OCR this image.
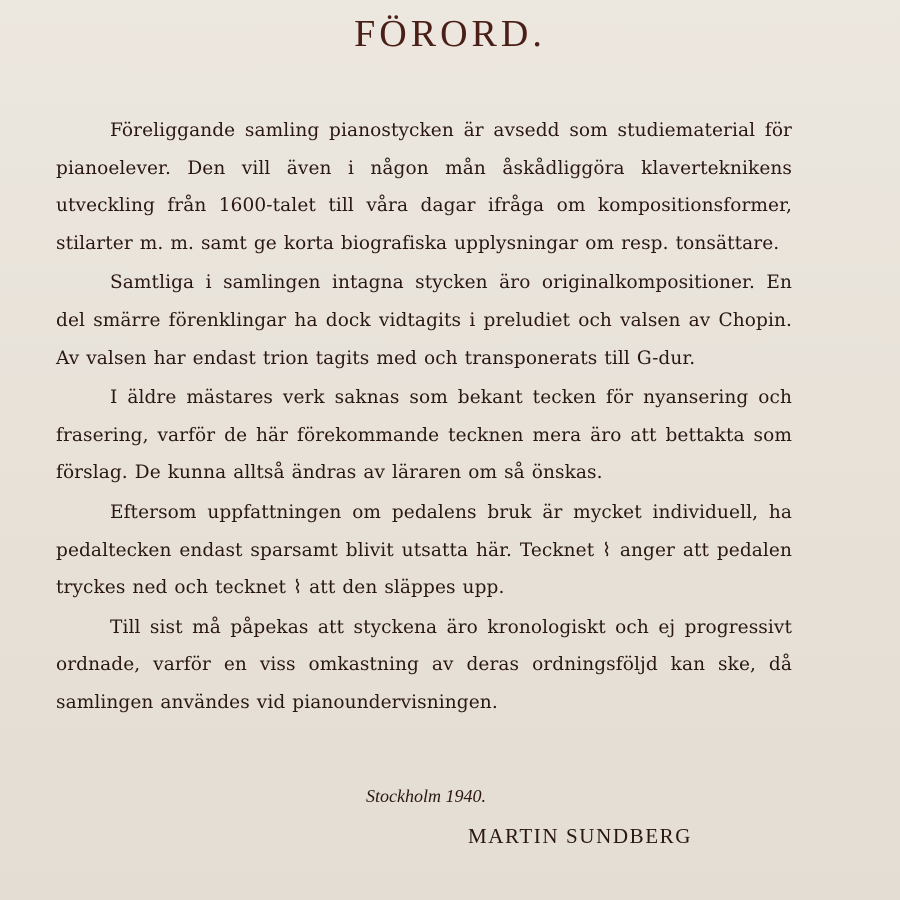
FÖRORD.

Föreliggande samling pianostycken är avsedd som studiematerial för pianoelever. Den vill även i någon mån åskådliggöra klaverteknikens utveckling från 1600-talet till våra dagar ifråga om kompositionsformer, stilarter m. m. samt ge korta biografiska upplysningar om resp. tonsättare.

Samtliga i samlingen intagna stycken äro originalkompositioner. En del smärre förenklingar ha dock vidtagits i preludiet och valsen av Chopin. Av valsen har endast trion tagits med och transponerats till G-dur.

I äldre mästares verk saknas som bekant tecken för nyansering och frasering, varför de här förekommande tecknen mera äro att bettakta som förslag. De kunna alltså ändras av läraren om så önskas.

Eftersom uppfattningen om pedalens bruk är mycket individuell, ha pedaltecken endast sparsamt blivit utsatta här. Tecknet ⌇ anger att pedalen tryckes ned och tecknet ⌇ att den släppes upp.

Till sist må påpekas att styckena äro kronologiskt och ej progressivt ordnade, varför en viss omkastning av deras ordningsföljd kan ske, då samlingen användes vid pianoundervisningen.

Stockholm 1940.
MARTIN SUNDBERG
